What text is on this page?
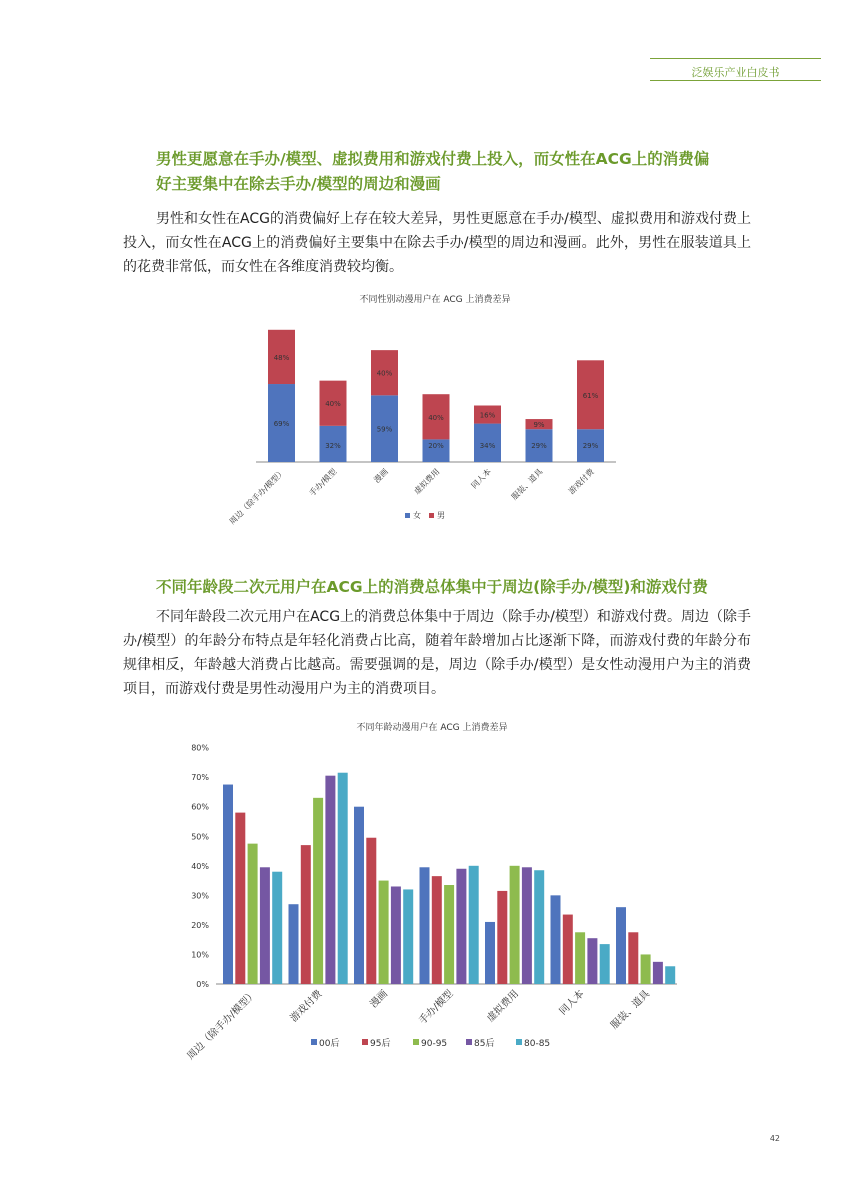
泛娱乐产业白皮书
男性更愿意在手办/模型、虚拟费用和游戏付费上投入，而女性在ACG上的消费偏
好主要集中在除去手办/模型的周边和漫画
男性和女性在ACG的消费偏好上存在较大差异，男性更愿意在手办/模型、虚拟费用和游戏付费上投入，而女性在ACG上的消费偏好主要集中在除去手办/模型的周边和漫画。此外，男性在服装道具上的花费非常低，而女性在各维度消费较均衡。
不同性别动漫用户在 ACG 上消费差异
69%
48%
周边（除手办/模型）
32%
40%
手办/模型
59%
40%
漫画
20%
40%
虚拟费用
34%
16%
同人本
29%
9%
服装、道具
29%
61%
游戏付费
女 男
不同年龄段二次元用户在ACG上的消费总体集中于周边(除手办/模型)和游戏付费
不同年龄段二次元用户在ACG上的消费总体集中于周边（除手办/模型）和游戏付费。周边（除手办/模型）的年龄分布特点是年轻化消费占比高，随着年龄增加占比逐渐下降，而游戏付费的年龄分布规律相反，年龄越大消费占比越高。需要强调的是，周边（除手办/模型）是女性动漫用户为主的消费项目，而游戏付费是男性动漫用户为主的消费项目。
不同年龄动漫用户在 ACG 上消费差异
0%
10%
20%
30%
40%
50%
60%
70%
80%
周边（除手办/模型）	游戏付费	漫画	手办/模型	虚拟费用	同人本 服装、道具
00后	95后	90-95	85后	80-85
42
